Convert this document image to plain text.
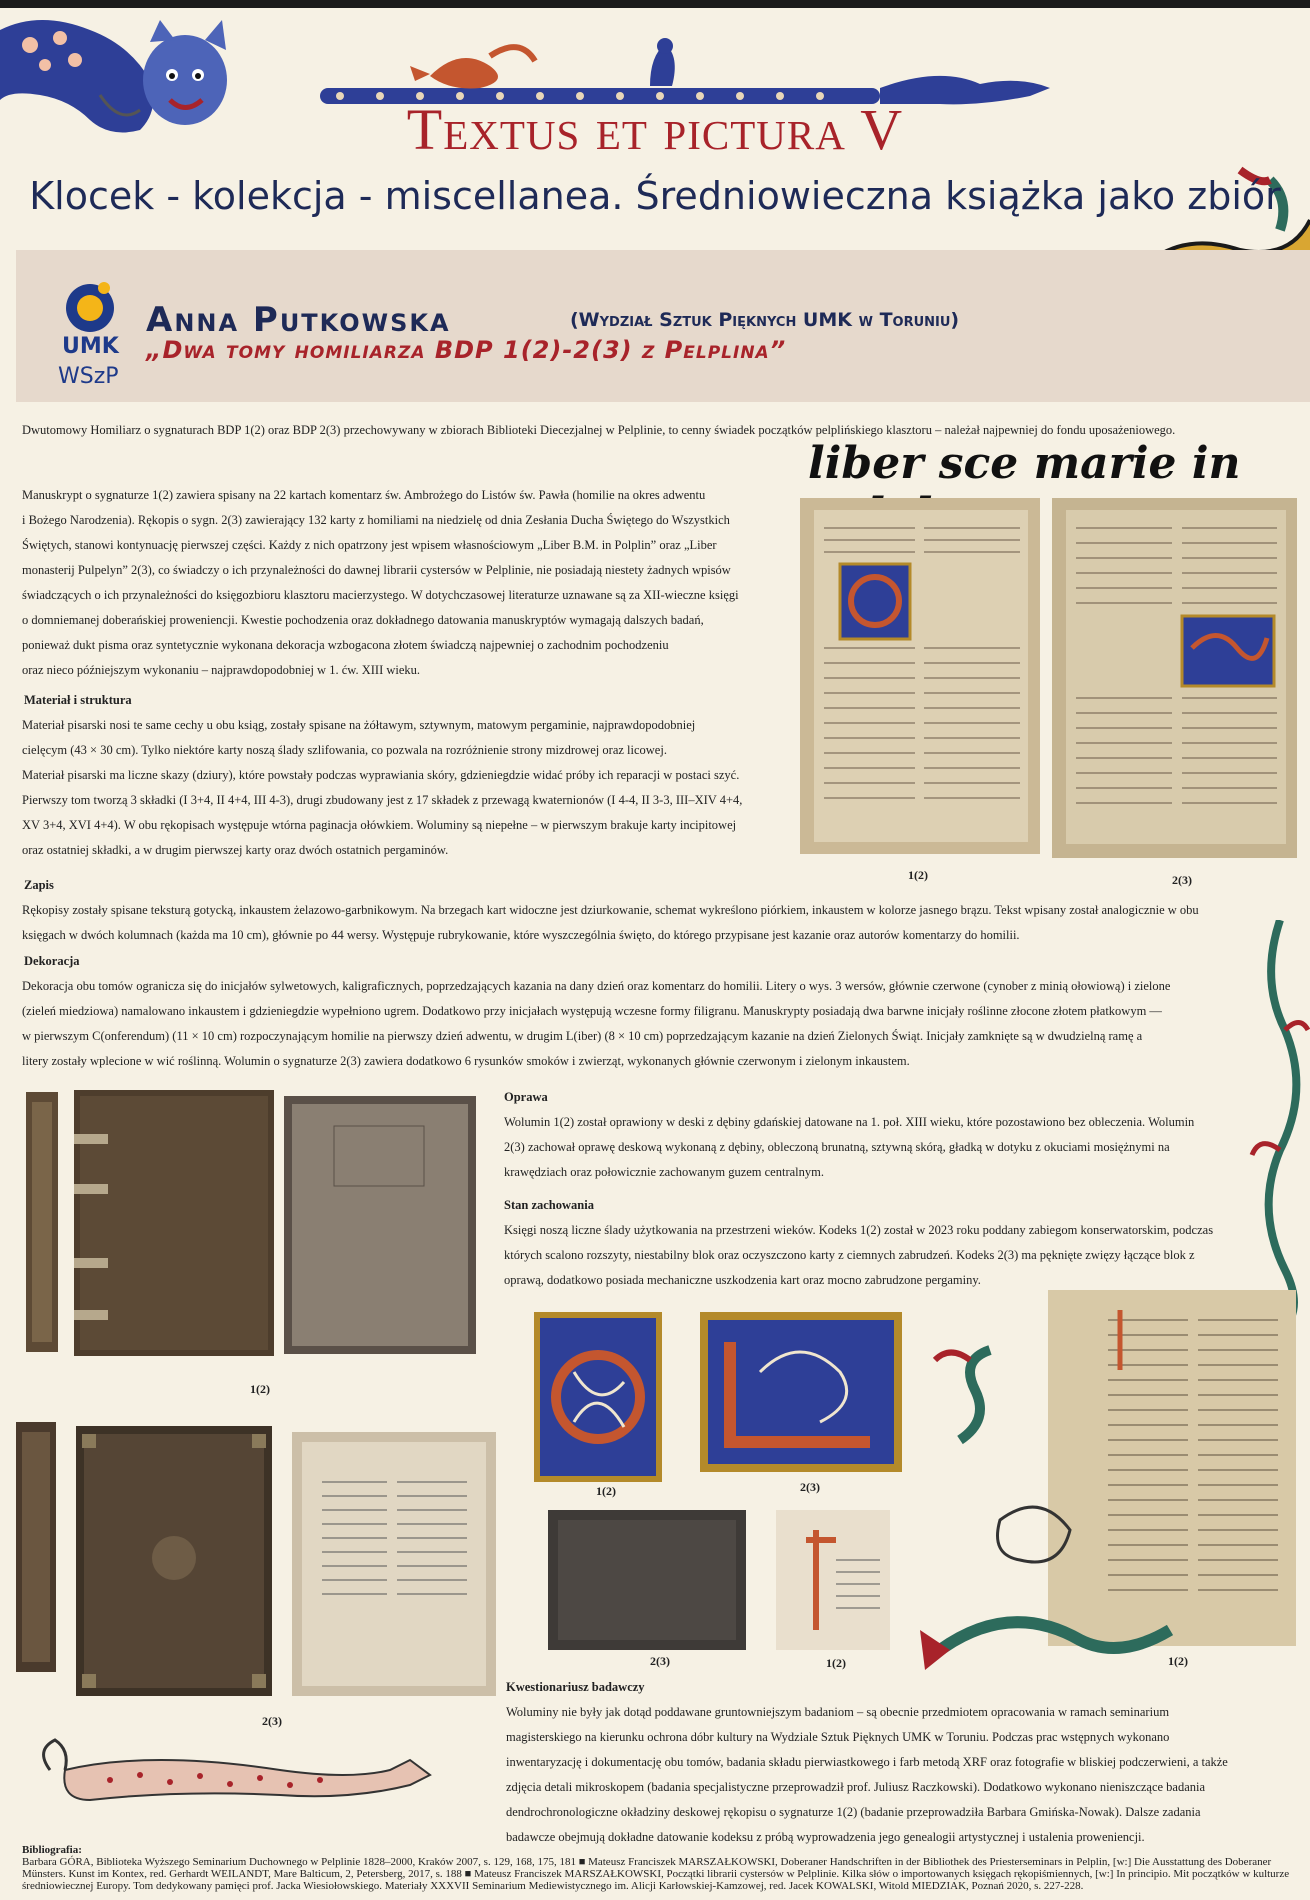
Textus et pictura V
Klocek - kolekcja - miscellanea. Średniowieczna książka jako zbiór
UMK
WSzP
Anna Putkowska	(Wydział Sztuk Pięknych UMK w Toruniu)
„Dwa tomy homiliarza BDP 1(2)-2(3) z Pelplina”

Dwutomowy Homiliarz o sygnaturach BDP 1(2) oraz BDP 2(3) przechowywany w zbiorach Biblioteki Diecezjalnej w Pelplinie, to cenny świadek początków pelplińskiego klasztoru – należał najpewniej do fondu uposażeniowego.

Manuskrypt o sygnaturze 1(2) zawiera spisany na 22 kartach komentarz św. Ambrożego do Listów św. Pawła (homilie na okres adwentu

i Bożego Narodzenia). Rękopis o sygn. 2(3) zawierający 132 karty z homiliami na niedzielę od dnia Zesłania Ducha Świętego do Wszystkich

Świętych, stanowi kontynuację pierwszej części. Każdy z nich opatrzony jest wpisem własnościowym „Liber B.M. in Polplin” oraz „Liber

monasterij Pulpelyn” 2(3), co świadczy o ich przynależności do dawnej librarii cystersów w Pelplinie, nie posiadają niestety żadnych wpisów

świadczących o ich przynależności do księgozbioru klasztoru macierzystego. W dotychczasowej literaturze uznawane są za XII-wieczne księgi

o domniemanej doberańskiej proweniencji. Kwestie pochodzenia oraz dokładnego datowania manuskryptów wymagają dalszych badań,

ponieważ dukt pisma oraz syntetycznie wykonana dekoracja wzbogacona złotem świadczą najpewniej o zachodnim pochodzeniu

oraz nieco późniejszym wykonaniu – najprawdopodobniej w 1. ćw. XIII wieku.

Materiał i struktura

Materiał pisarski nosi te same cechy u obu ksiąg, zostały spisane na żółtawym, sztywnym, matowym pergaminie, najprawdopodobniej

cielęcym (43 × 30 cm). Tylko niektóre karty noszą ślady szlifowania, co pozwala na rozróżnienie strony mizdrowej oraz licowej.

Materiał pisarski ma liczne skazy (dziury), które powstały podczas wyprawiania skóry, gdzieniegdzie widać próby ich reparacji w postaci szyć.

Pierwszy tom tworzą 3 składki (I 3+4, II 4+4, III 4-3), drugi zbudowany jest z 17 składek z przewagą kwaternionów (I 4-4, II 3-3, III–XIV 4+4,

XV 3+4, XVI 4+4). W obu rękopisach występuje wtórna paginacja ołówkiem. Woluminy są niepełne – w pierwszym brakuje karty incipitowej

oraz ostatniej składki, a w drugim pierwszej karty oraz dwóch ostatnich pergaminów.

liber sce marie in
1(2)	2(3)
Zapis

Rękopisy zostały spisane teksturą gotycką, inkaustem żelazowo-garbnikowym. Na brzegach kart widoczne jest dziurkowanie, schemat wykreślono piórkiem, inkaustem w kolorze jasnego brązu. Tekst wpisany został analogicznie w obu

księgach w dwóch kolumnach (każda ma 10 cm), głównie po 44 wersy. Występuje rubrykowanie, które wyszczególnia święto, do którego przypisane jest kazanie oraz autorów komentarzy do homilii.

Dekoracja

Dekoracja obu tomów ogranicza się do inicjałów sylwetowych, kaligraficznych, poprzedzających kazania na dany dzień oraz komentarz do homilii. Litery o wys. 3 wersów, głównie czerwone (cynober z minią ołowiową) i zielone

(zieleń miedziowa) namalowano inkaustem i gdzieniegdzie wypełniono ugrem. Dodatkowo przy inicjałach występują wczesne formy filigranu. Manuskrypty posiadają dwa barwne inicjały roślinne złocone złotem płatkowym —

w pierwszym C(onferendum) (11 × 10 cm) rozpoczynającym homilie na pierwszy dzień adwentu, w drugim L(iber) (8 × 10 cm) poprzedzającym kazanie na dzień Zielonych Świąt. Inicjały zamknięte są w dwudzielną ramę a

litery zostały wplecione w wić roślinną. Wolumin o sygnaturze 2(3) zawiera dodatkowo 6 rysunków smoków i zwierząt, wykonanych głównie czerwonym i zielonym inkaustem.

1(2)
2(3)
Oprawa

Wolumin 1(2) został oprawiony w deski z dębiny gdańskiej datowane na 1. poł. XIII wieku, które pozostawiono bez obleczenia. Wolumin

2(3) zachował oprawę deskową wykonaną z dębiny, obleczoną brunatną, sztywną skórą, gładką w dotyku z okuciami mosiężnymi na

krawędziach oraz połowicznie zachowanym guzem centralnym.

Stan zachowania

Księgi noszą liczne ślady użytkowania na przestrzeni wieków. Kodeks 1(2) został w 2023 roku poddany zabiegom konserwatorskim, podczas

których scalono rozszyty, niestabilny blok oraz oczyszczono karty z ciemnych zabrudzeń. Kodeks 2(3) ma pęknięte zwięzy łączące blok z

oprawą, dodatkowo posiada mechaniczne uszkodzenia kart oraz mocno zabrudzone pergaminy.

1(2)	2(3)
2(3)	1(2)	1(2)
Kwestionariusz badawczy

Woluminy nie były jak dotąd poddawane gruntowniejszym badaniom – są obecnie przedmiotem opracowania w ramach seminarium

magisterskiego na kierunku ochrona dóbr kultury na Wydziale Sztuk Pięknych UMK w Toruniu. Podczas prac wstępnych wykonano

inwentaryzację i dokumentację obu tomów, badania składu pierwiastkowego i farb metodą XRF oraz fotografie w bliskiej podczerwieni, a także

zdjęcia detali mikroskopem (badania specjalistyczne przeprowadził prof. Juliusz Raczkowski). Dodatkowo wykonano nieniszczące badania

dendrochronologiczne okładziny deskowej rękopisu o sygnaturze 1(2) (badanie przeprowadziła Barbara Gmińska-Nowak). Dalsze zadania

badawcze obejmują dokładne datowanie kodeksu z próbą wyprowadzenia jego genealogii artystycznej i ustalenia proweniencji.

Bibliografia:
Barbara GÓRA, Biblioteka Wyższego Seminarium Duchownego w Pelplinie 1828–2000, Kraków 2007, s. 129, 168, 175, 181 ■ Mateusz Franciszek MARSZAŁKOWSKI, Doberaner Handschriften in der Bibliothek des Priesterseminars in Pelplin, [w:] Die Ausstattung des Doberaner Münsters. Kunst im Kontex, red. Gerhardt WEILANDT, Mare Balticum, 2, Petersberg, 2017, s. 188 ■ Mateusz Franciszek MARSZAŁKOWSKI, Początki librarii cystersów w Pelplinie. Kilka słów o importowanych księgach rękopiśmiennych, [w:] In principio. Mit początków w kulturze średniowiecznej Europy. Tom dedykowany pamięci prof. Jacka Wiesiołowskiego. Materiały XXXVII Seminarium Mediewistycznego im. Alicji Karłowskiej-Kamzowej, red. Jacek KOWALSKI, Witold MIEDZIAK, Poznań 2020, s. 227-228.
